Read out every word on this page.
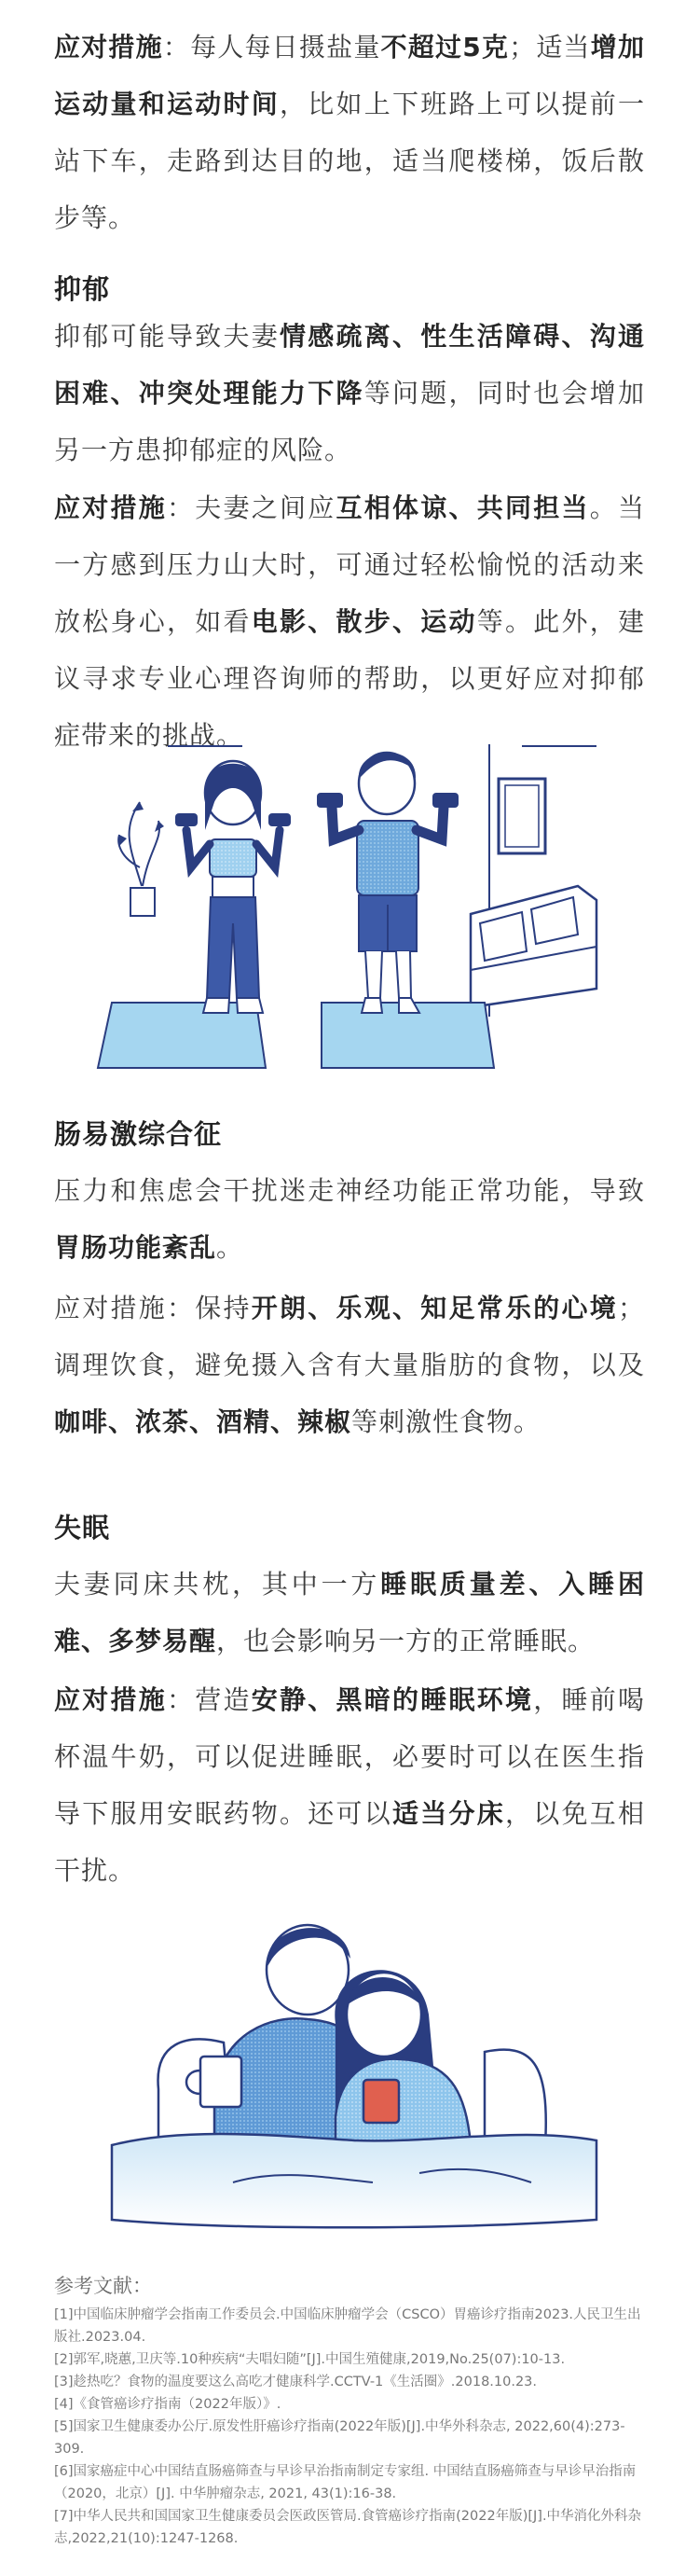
应对措施：每人每日摄盐量不超过5克；适当增加运动量和运动时间，比如上下班路上可以提前一站下车，走路到达目的地，适当爬楼梯，饭后散步等。
抑郁
抑郁可能导致夫妻情感疏离、性生活障碍、沟通困难、冲突处理能力下降等问题，同时也会增加另一方患抑郁症的风险。
应对措施：夫妻之间应互相体谅、共同担当。当一方感到压力山大时，可通过轻松愉悦的活动来放松身心，如看电影、散步、运动等。此外，建议寻求专业心理咨询师的帮助，以更好应对抑郁症带来的挑战。
肠易激综合征
压力和焦虑会干扰迷走神经功能正常功能，导致胃肠功能紊乱。
应对措施：保持开朗、乐观、知足常乐的心境；调理饮食，避免摄入含有大量脂肪的食物，以及咖啡、浓茶、酒精、辣椒等刺激性食物。
失眠
夫妻同床共枕，其中一方睡眠质量差、入睡困难、多梦易醒，也会影响另一方的正常睡眠。
应对措施：营造安静、黑暗的睡眠环境，睡前喝杯温牛奶，可以促进睡眠，必要时可以在医生指导下服用安眠药物。还可以适当分床，以免互相干扰。
参考文献：
[1]中国临床肿瘤学会指南工作委员会.中国临床肿瘤学会（CSCO）胃癌诊疗指南2023.人民卫生出版社.2023.04.
[2]郭军,晓蕙,卫庆等.10种疾病“夫唱妇随”[J].中国生殖健康,2019,No.25(07):10-13.
[3]趁热吃？食物的温度要这么高吃才健康科学.CCTV-1《生活圈》.2018.10.23.
[4]《食管癌诊疗指南（2022年版）》.
[5]国家卫生健康委办公厅.原发性肝癌诊疗指南(2022年版)[J].中华外科杂志, 2022,60(4):273-309.
[6]国家癌症中心中国结直肠癌筛查与早诊早治指南制定专家组. 中国结直肠癌筛查与早诊早治指南（2020，北京）[J]. 中华肿瘤杂志, 2021, 43(1):16-38.
[7]中华人民共和国国家卫生健康委员会医政医管局.食管癌诊疗指南(2022年版)[J].中华消化外科杂志,2022,21(10):1247-1268.
